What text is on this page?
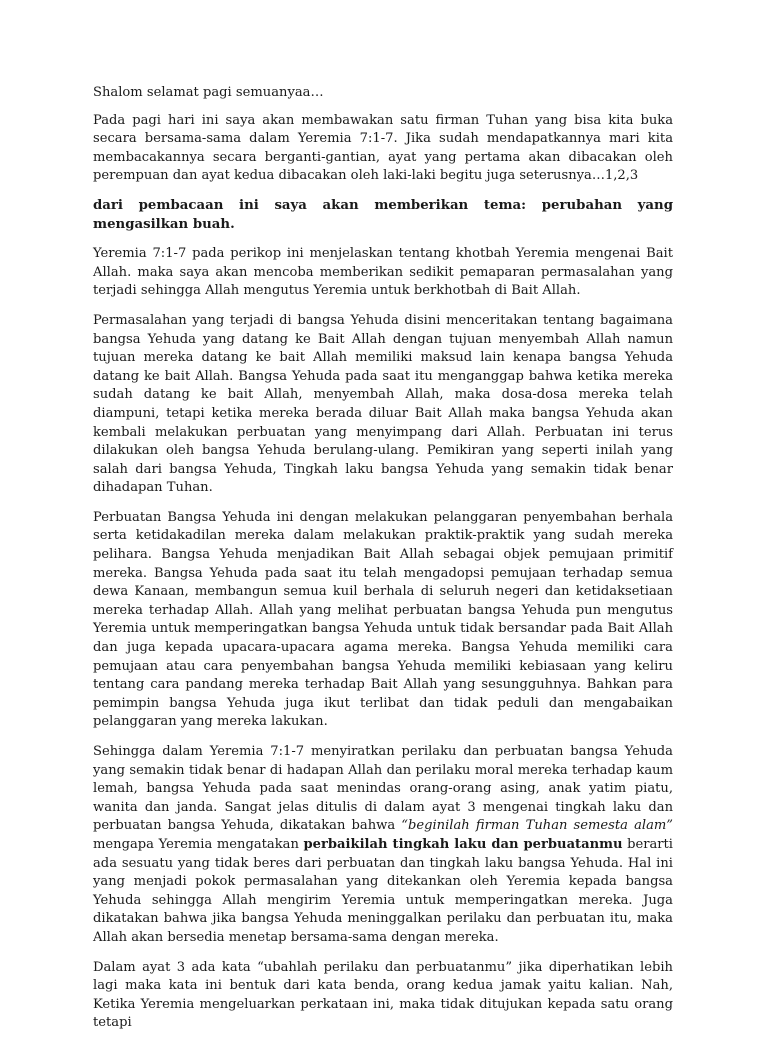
Shalom selamat pagi semuanyaa…

Pada pagi hari ini saya akan membawakan satu firman Tuhan yang bisa kita buka secara bersama-sama dalam Yeremia 7:1-7. Jika sudah mendapatkannya mari kita membacakannya secara berganti-gantian, ayat yang pertama akan dibacakan oleh perempuan dan ayat kedua dibacakan oleh laki-laki begitu juga seterusnya…1,2,3

dari pembacaan ini saya akan memberikan tema: perubahan yang mengasilkan buah.

Yeremia 7:1-7 pada perikop ini menjelaskan tentang khotbah Yeremia mengenai Bait Allah. maka saya akan mencoba memberikan sedikit pemaparan permasalahan yang terjadi sehingga Allah mengutus Yeremia untuk berkhotbah di Bait Allah.

Permasalahan yang terjadi di bangsa Yehuda disini menceritakan tentang bagaimana bangsa Yehuda yang datang ke Bait Allah dengan tujuan menyembah Allah namun tujuan mereka datang ke bait Allah memiliki maksud lain kenapa bangsa Yehuda datang ke bait Allah. Bangsa Yehuda pada saat itu menganggap bahwa ketika mereka sudah datang ke bait Allah, menyembah Allah, maka dosa-dosa mereka telah diampuni, tetapi ketika mereka berada diluar Bait Allah maka bangsa Yehuda akan kembali melakukan perbuatan yang menyimpang dari Allah. Perbuatan ini terus dilakukan oleh bangsa Yehuda berulang-ulang. Pemikiran yang seperti inilah yang salah dari bangsa Yehuda, Tingkah laku bangsa Yehuda yang semakin tidak benar dihadapan Tuhan.

Perbuatan Bangsa Yehuda ini dengan melakukan pelanggaran penyembahan berhala serta ketidakadilan mereka dalam melakukan praktik-praktik yang sudah mereka pelihara. Bangsa Yehuda menjadikan Bait Allah sebagai objek pemujaan primitif mereka. Bangsa Yehuda pada saat itu telah mengadopsi pemujaan terhadap semua dewa Kanaan, membangun semua kuil berhala di seluruh negeri dan ketidaksetiaan mereka terhadap Allah. Allah yang melihat perbuatan bangsa Yehuda pun mengutus Yeremia untuk memperingatkan bangsa Yehuda untuk tidak bersandar pada Bait Allah dan juga kepada upacara-upacara agama mereka. Bangsa Yehuda memiliki cara pemujaan atau cara penyembahan bangsa Yehuda memiliki kebiasaan yang keliru tentang cara pandang mereka terhadap Bait Allah yang sesungguhnya. Bahkan para pemimpin bangsa Yehuda juga ikut terlibat dan tidak peduli dan mengabaikan pelanggaran yang mereka lakukan.

Sehingga dalam Yeremia 7:1-7 menyiratkan perilaku dan perbuatan bangsa Yehuda yang semakin tidak benar di hadapan Allah dan perilaku moral mereka terhadap kaum lemah, bangsa Yehuda pada saat menindas orang-orang asing, anak yatim piatu, wanita dan janda. Sangat jelas ditulis di dalam ayat 3 mengenai tingkah laku dan perbuatan bangsa Yehuda, dikatakan bahwa “beginilah firman Tuhan semesta alam” mengapa Yeremia mengatakan perbaikilah tingkah laku dan perbuatanmu berarti ada sesuatu yang tidak beres dari perbuatan dan tingkah laku bangsa Yehuda. Hal ini yang menjadi pokok permasalahan yang ditekankan oleh Yeremia kepada bangsa Yehuda sehingga Allah mengirim Yeremia untuk memperingatkan mereka. Juga dikatakan bahwa jika bangsa Yehuda meninggalkan perilaku dan perbuatan itu, maka Allah akan bersedia menetap bersama-sama dengan mereka.

Dalam ayat 3 ada kata “ubahlah perilaku dan perbuatanmu” jika diperhatikan lebih lagi maka kata ini bentuk dari kata benda, orang kedua jamak yaitu kalian. Nah, Ketika Yeremia mengeluarkan perkataan ini, maka tidak ditujukan kepada satu orang tetapi
